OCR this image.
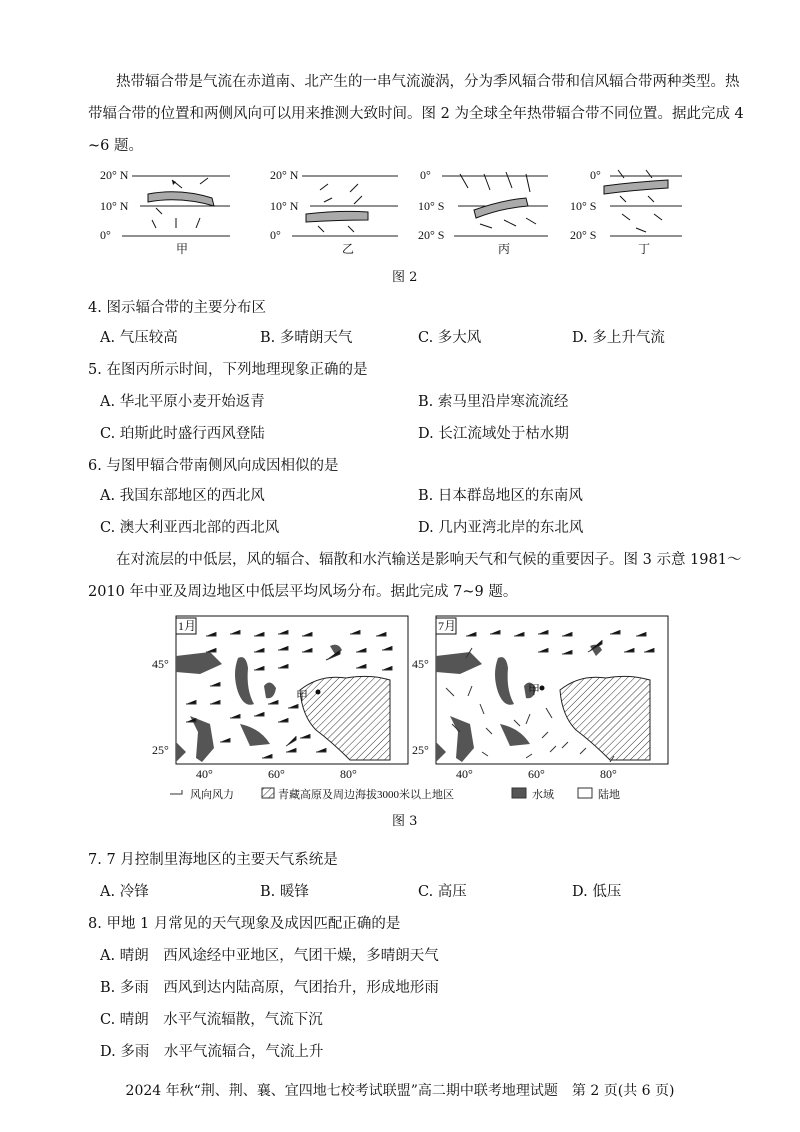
热带辐合带是气流在赤道南、北产生的一串气流漩涡，分为季风辐合带和信风辐合带两种类型。热
带辐合带的位置和两侧风向可以用来推测大致时间。图 2 为全球全年热带辐合带不同位置。据此完成 4
~6 题。
20° N
10° N
0°
甲
20° N
10° N
0°
乙
0°
10° S
20° S
丙
0°
10° S
20° S
丁
图 2
4. 图示辐合带的主要分布区
A. 气压较高	B. 多晴朗天气	C. 多大风	D. 多上升气流
5. 在图丙所示时间，下列地理现象正确的是
A. 华北平原小麦开始返青	B. 索马里沿岸寒流流经
C. 珀斯此时盛行西风登陆	D. 长江流域处于枯水期
6. 与图甲辐合带南侧风向成因相似的是
A. 我国东部地区的西北风	B. 日本群岛地区的东南风
C. 澳大利亚西北部的西北风	D. 几内亚湾北岸的东北风
在对流层的中低层，风的辐合、辐散和水汽输送是影响天气和气候的重要因子。图 3 示意 1981～
2010 年中亚及周边地区中低层平均风场分布。据此完成 7~9 题。
1月
甲
45°
25°
40°	60°	80°
7月
甲
45°
25°
40°	60°	80°
风向风力	青藏高原及周边海拔3000米以上地区	水域	陆地
图 3
7. 7 月控制里海地区的主要天气系统是
A. 冷锋	B. 暖锋	C. 高压	D. 低压
8. 甲地 1 月常见的天气现象及成因匹配正确的是
A. 晴朗　西风途经中亚地区，气团干燥，多晴朗天气
B. 多雨　西风到达内陆高原，气团抬升，形成地形雨
C. 晴朗　水平气流辐散，气流下沉
D. 多雨　水平气流辐合，气流上升
2024 年秋“荆、荆、襄、宜四地七校考试联盟”高二期中联考地理试题　第 2 页(共 6 页)
